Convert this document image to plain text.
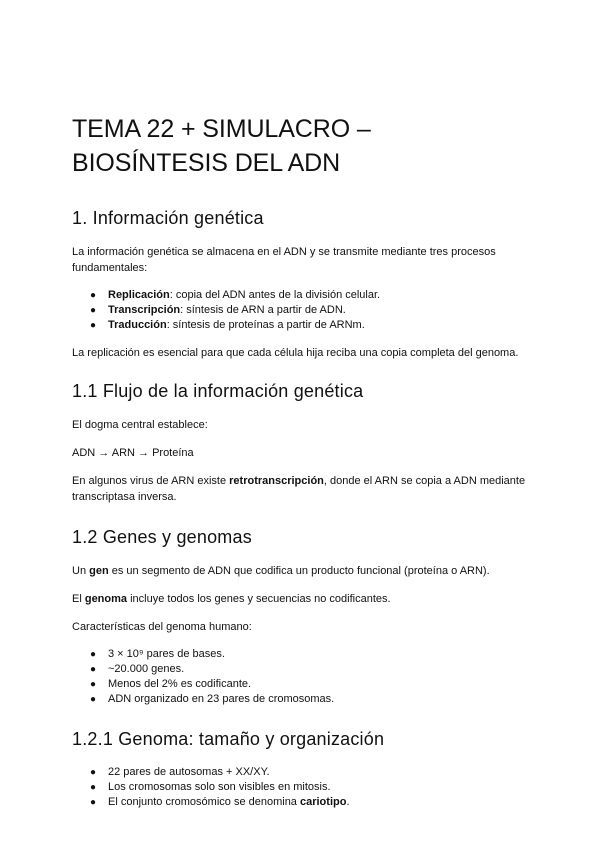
TEMA 22 + SIMULACRO – BIOSÍNTESIS DEL ADN
1. Información genética

La información genética se almacena en el ADN y se transmite mediante tres procesos fundamentales:

● Replicación: copia del ADN antes de la división celular.
● Transcripción: síntesis de ARN a partir de ADN.
● Traducción: síntesis de proteínas a partir de ARNm.

La replicación es esencial para que cada célula hija reciba una copia completa del genoma.

1.1 Flujo de la información genética

El dogma central establece:

ADN → ARN → Proteína

En algunos virus de ARN existe retrotranscripción, donde el ARN se copia a ADN mediante transcriptasa inversa.

1.2 Genes y genomas

Un gen es un segmento de ADN que codifica un producto funcional (proteína o ARN).

El genoma incluye todos los genes y secuencias no codificantes.

Características del genoma humano:

● 3 × 10⁹ pares de bases.
● ~20.000 genes.
● Menos del 2% es codificante.
● ADN organizado en 23 pares de cromosomas.
1.2.1 Genoma: tamaño y organización
● 22 pares de autosomas + XX/XY.
● Los cromosomas solo son visibles en mitosis.
● El conjunto cromosómico se denomina cariotipo.
